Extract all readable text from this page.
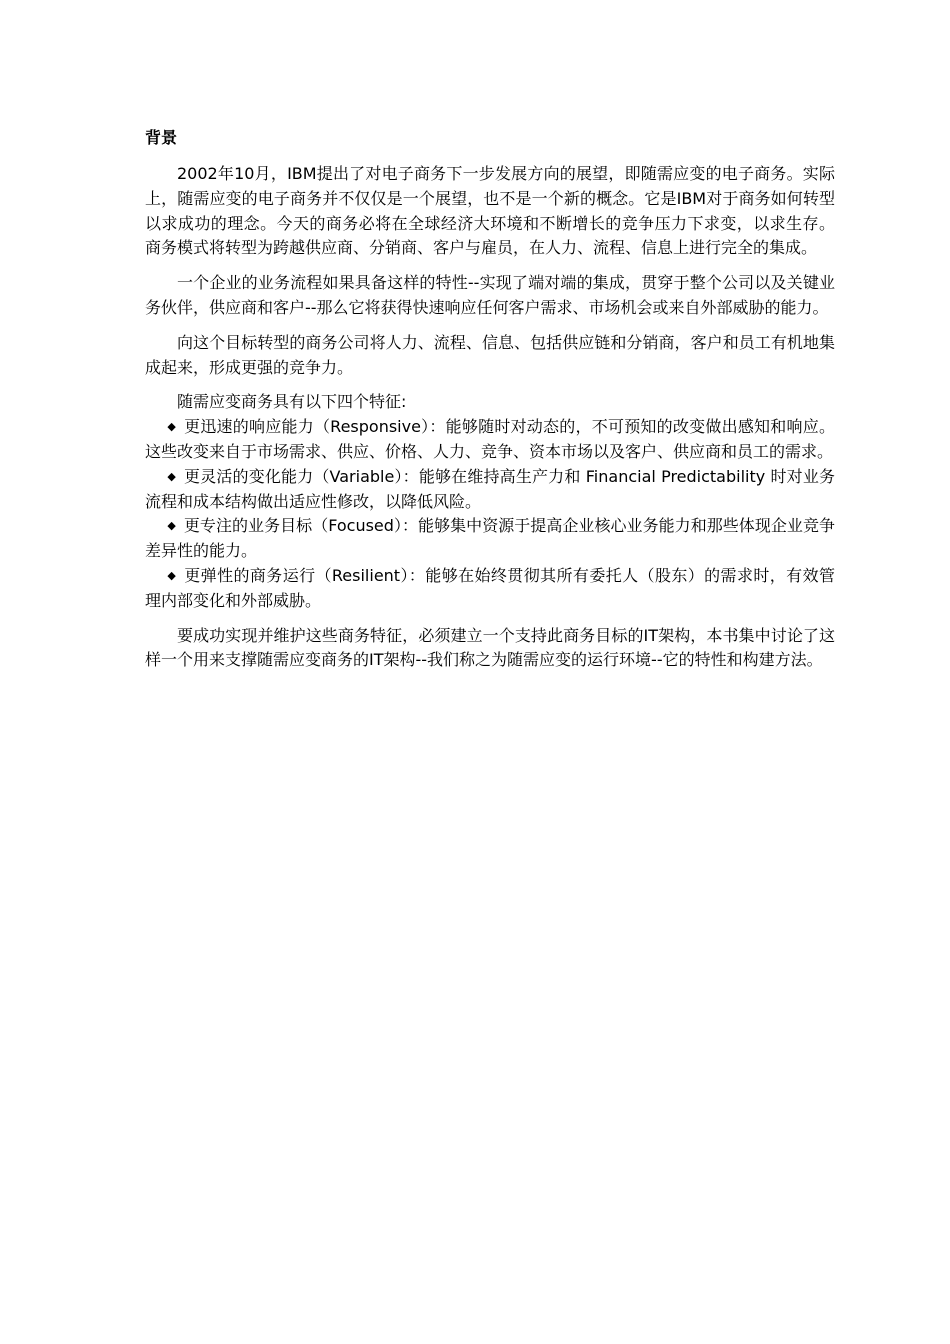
背景

2002年10月，IBM提出了对电子商务下一步发展方向的展望，即随需应变的电子商务。实际上，随需应变的电子商务并不仅仅是一个展望，也不是一个新的概念。它是IBM对于商务如何转型以求成功的理念。今天的商务必将在全球经济大环境和不断增长的竞争压力下求变，以求生存。 商务模式将转型为跨越供应商、分销商、客户与雇员，在人力、流程、信息上进行完全的集成。

一个企业的业务流程如果具备这样的特性--实现了端对端的集成，贯穿于整个公司以及关键业务伙伴，供应商和客户--那么它将获得快速响应任何客户需求、市场机会或来自外部威胁的能力。

向这个目标转型的商务公司将人力、流程、信息、包括供应链和分销商，客户和员工有机地集成起来，形成更强的竞争力。

随需应变商务具有以下四个特征:

◆ 更迅速的响应能力（Responsive）：能够随时对动态的，不可预知的改变做出感知和响应。 这些改变来自于市场需求、供应、价格、人力、竞争、资本市场以及客户、供应商和员工的需求。
◆ 更灵活的变化能力（Variable）：能够在维持高生产力和 Financial Predictability 时对业务流程和成本结构做出适应性修改，以降低风险。
◆ 更专注的业务目标（Focused）：能够集中资源于提高企业核心业务能力和那些体现企业竞争差异性的能力。
◆ 更弹性的商务运行（Resilient）：能够在始终贯彻其所有委托人（股东）的需求时，有效管理内部变化和外部威胁。

要成功实现并维护这些商务特征，必须建立一个支持此商务目标的IT架构，本书集中讨论了这样一个用来支撑随需应变商务的IT架构--我们称之为随需应变的运行环境--它的特性和构建方法。
